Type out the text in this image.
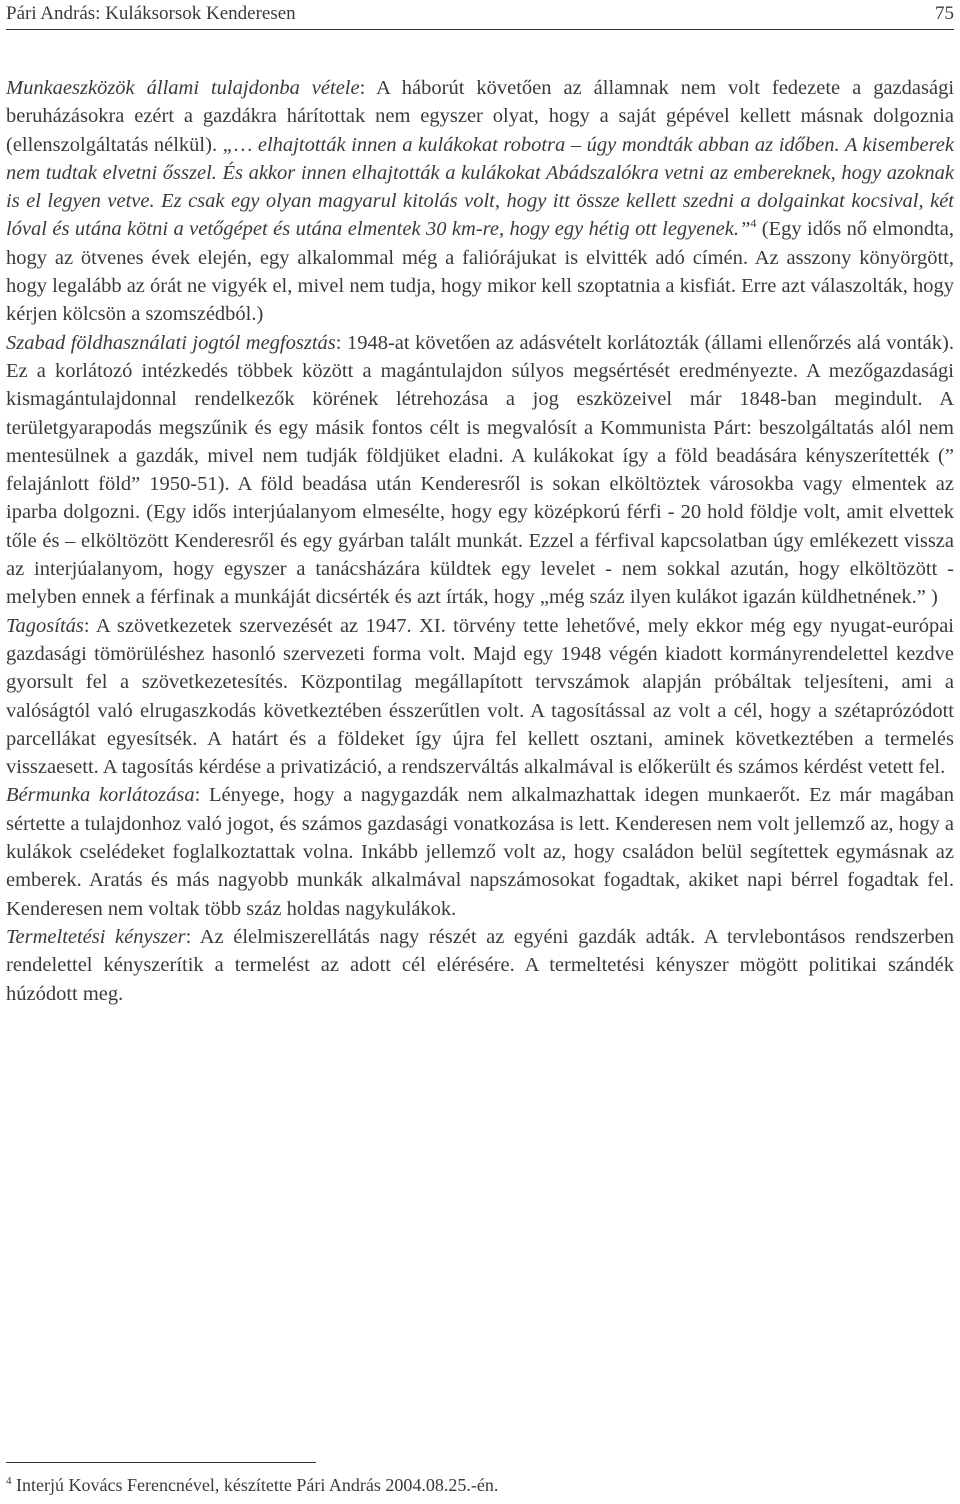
Pári András: Kuláksorsok Kenderesen	75

Munkaeszközök állami tulajdonba vétele: A háborút követően az államnak nem volt fedezete a gazdasági beruházásokra ezért a gazdákra hárítottak nem egyszer olyat, hogy a saját gépével kellett másnak dolgoznia (ellenszolgáltatás nélkül). „… elhajtották innen a kulákokat robotra – úgy mondták abban az időben. A kisemberek nem tudtak elvetni ősszel. És akkor innen elhajtották a kulákokat Abádszalókra vetni az embereknek, hogy azoknak is el legyen vetve. Ez csak egy olyan magyarul kitolás volt, hogy itt össze kellett szedni a dolgainkat kocsival, két lóval és utána kötni a vetőgépet és utána elmentek 30 km-re, hogy egy hétig ott legyenek.”$^4$ (Egy idős nő elmondta, hogy az ötvenes évek elején, egy alkalommal még a faliórájukat is elvitték adó címén. Az asszony könyörgött, hogy legalább az órát ne vigyék el, mivel nem tudja, hogy mikor kell szoptatnia a kisfiát. Erre azt válaszolták, hogy kérjen kölcsön a szomszédból.)

Szabad földhasználati jogtól megfosztás: 1948-at követően az adásvételt korlátozták (állami ellenőrzés alá vonták). Ez a korlátozó intézkedés többek között a magántulajdon súlyos megsértését eredményezte. A mezőgazdasági kismagántulajdonnal rendelkezők körének létrehozása a jog eszközeivel már 1848-ban megindult. A területgyarapodás megszűnik és egy másik fontos célt is megvalósít a Kommunista Párt: beszolgáltatás alól nem mentesülnek a gazdák, mivel nem tudják földjüket eladni. A kulákokat így a föld beadására kényszerítették (” felajánlott föld” 1950-51). A föld beadása után Kenderesről is sokan elköltöztek városokba vagy elmentek az iparba dolgozni. (Egy idős interjúalanyom elmesélte, hogy egy középkorú férfi - 20 hold földje volt, amit elvettek tőle és – elköltözött Kenderesről és egy gyárban talált munkát. Ezzel a férfival kapcsolatban úgy emlékezett vissza az interjúalanyom, hogy egyszer a tanácsházára küldtek egy levelet - nem sokkal azután, hogy elköltözött - melyben ennek a férfinak a munkáját dicsérték és azt írták, hogy „még száz ilyen kulákot igazán küldhetnének.” )

Tagosítás: A szövetkezetek szervezését az 1947. XI. törvény tette lehetővé, mely ekkor még egy nyugat-európai gazdasági tömörüléshez hasonló szervezeti forma volt. Majd egy 1948 végén kiadott kormányrendelettel kezdve gyorsult fel a szövetkezetesítés. Központilag megállapított tervszámok alapján próbáltak teljesíteni, ami a valóságtól való elrugaszkodás következtében ésszerűtlen volt. A tagosítással az volt a cél, hogy a szétaprózódott parcellákat egyesítsék. A határt és a földeket így újra fel kellett osztani, aminek következtében a termelés visszaesett. A tagosítás kérdése a privatizáció, a rendszerváltás alkalmával is előkerült és számos kérdést vetett fel.

Bérmunka korlátozása: Lényege, hogy a nagygazdák nem alkalmazhattak idegen munkaerőt. Ez már magában sértette a tulajdonhoz való jogot, és számos gazdasági vonatkozása is lett. Kenderesen nem volt jellemző az, hogy a kulákok cselédeket foglalkoztattak volna. Inkább jellemző volt az, hogy családon belül segítettek egymásnak az emberek. Aratás és más nagyobb munkák alkalmával napszámosokat fogadtak, akiket napi bérrel fogadtak fel. Kenderesen nem voltak több száz holdas nagykulákok.

Termeltetési kényszer: Az élelmiszerellátás nagy részét az egyéni gazdák adták. A tervlebontásos rendszerben rendelettel kényszerítik a termelést az adott cél elérésére. A termeltetési kényszer mögött politikai szándék húzódott meg.

$^4$ Interjú Kovács Ferencnével, készítette Pári András 2004.08.25.-én.
